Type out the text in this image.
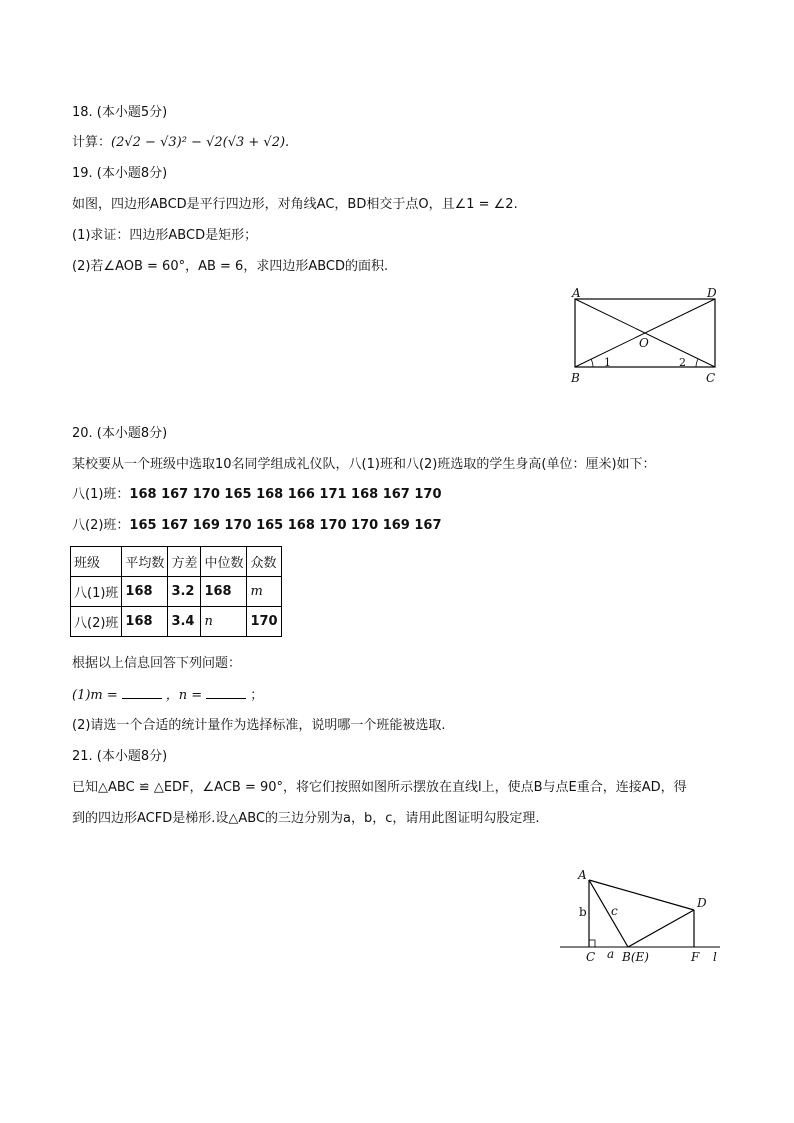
18. (本小题5分)
计算：(2√2 − √3)² − √2(√3 + √2).
19. (本小题8分)
如图，四边形ABCD是平行四边形，对角线AC，BD相交于点O，且∠1 = ∠2.
(1)求证：四边形ABCD是矩形；
(2)若∠AOB = 60°，AB = 6，求四边形ABCD的面积.
A	D
B	C
O
1	2
20. (本小题8分)
某校要从一个班级中选取10名同学组成礼仪队，八(1)班和八(2)班选取的学生身高(单位：厘米)如下：
八(1)班：168 167 170 165 168 166 171 168 167 170
八(2)班：165 167 169 170 165 168 170 170 169 167
班级	平均数	方差	中位数	众数
八(1)班	168	3.2	168	m
八(2)班	168	3.4	n	170
根据以上信息回答下列问题：
(1)m =	，n =	；
(2)请选一个合适的统计量作为选择标准，说明哪一个班能被选取.
21. (本小题8分)
已知△ABC ≌ △EDF，∠ACB = 90°，将它们按照如图所示摆放在直线l上，使点B与点E重合，连接AD，得
到的四边形ACFD是梯形.设△ABC的三边分别为a，b，c，请用此图证明勾股定理.
A
b c
D
C a B(E)	F l
